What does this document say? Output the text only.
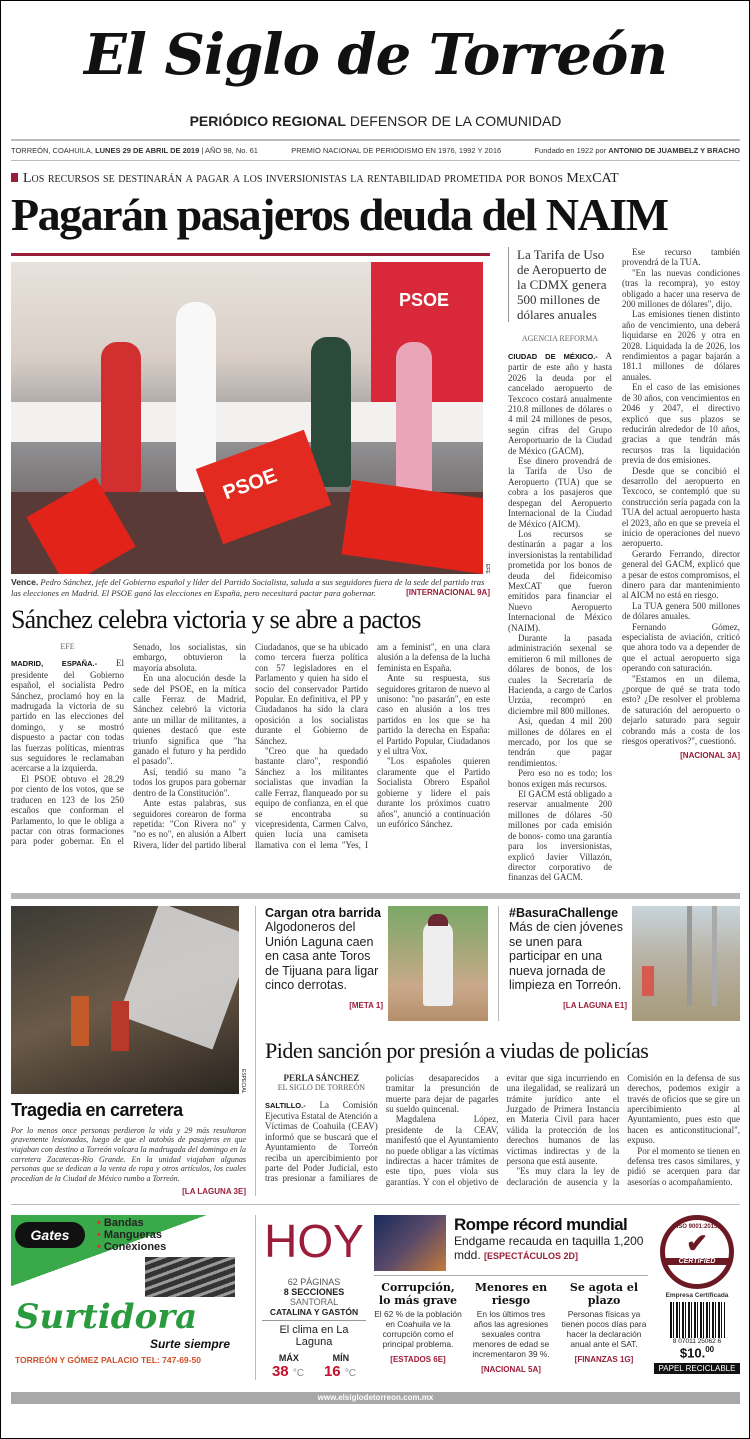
El Siglo de Torreón
PERIÓDICO REGIONAL DEFENSOR DE LA COMUNIDAD
TORREÓN, COAHUILA, LUNES 29 DE ABRIL DE 2019 | AÑO 98, No. 61	PREMIO NACIONAL DE PERIODISMO EN 1976, 1992 Y 2016	Fundado en 1922 por ANTONIO DE JUAMBELZ Y BRACHO
Los recursos se destinarán a pagar a los inversionistas la rentabilidad prometida por bonos MexCAT
Pagarán pasajeros deuda del NAIM
PSOE
PSOE
EFE
Vence. Pedro Sánchez, jefe del Gobierno español y líder del Partido Socialista, saluda a sus seguidores fuera de la sede del partido tras las elecciones en Madrid. El PSOE ganó las elecciones en España, pero necesitará pactar para gobernar.	[INTERNACIONAL 9A]
Sánchez celebra victoria y se abre a pactos
EFE

MADRID, ESPAÑA.- El presidente del Gobierno español, el socialista Pedro Sánchez, proclamó hoy en la madrugada la victoria de su partido en las elecciones del domingo, y se mostró dispuesto a pactar con todas las fuerzas políticas, mientras sus seguidores le reclamaban acercarse a la izquierda.

El PSOE obtuvo el 28.29 por ciento de los votos, que se traducen en 123 de los 250 escaños que conforman el Parlamento, lo que le obliga a pactar con otras formaciones para poder gobernar. En el Senado, los socialistas, sin embargo, obtuvieron la mayoría absoluta.

En una alocución desde la sede del PSOE, en la mítica calle Ferraz de Madrid, Sánchez celebró la victoria ante un millar de militantes, a quienes destacó que este triunfo significa que "ha ganado el futuro y ha perdido el pasado".

Así, tendió su mano "a todos los grupos para gobernar dentro de la Constitución".

Ante estas palabras, sus seguidores corearon de forma repetida: "Con Rivera no" y "no es no", en alusión a Albert Rivera, líder del partido liberal Ciudadanos, que se ha ubicado como tercera fuerza política con 57 legisladores en el Parlamento y quien ha sido el socio del conservador Partido Popular. En definitiva, el PP y Ciudadanos ha sido la clara oposición a los socialistas durante el Gobierno de Sánchez.

"Creo que ha quedado bastante claro", respondió Sánchez a los militantes socialistas que invadían la calle Ferraz, flanqueado por su equipo de confianza, en el que se encontraba su vicepresidenta, Carmen Calvo, quien lucía una camiseta llamativa con el lema "Yes, I am a feminist", en una clara alusión a la defensa de la lucha feminista en España.

Ante su respuesta, sus seguidores gritaron de nuevo al unísono: "no pasarán", en este caso en alusión a los tres partidos en los que se ha partido la derecha en España: el Partido Popular, Ciudadanos y el ultra Vox.

"Los españoles quieren claramente que el Partido Socialista Obrero Español gobierne y lidere el país durante los próximos cuatro años", anunció a continuación un eufórico Sánchez.

La Tarifa de Uso de Aeropuerto de la CDMX genera 500 millones de dólares anuales
AGENCIA REFORMA

CIUDAD DE MÉXICO.- A partir de este año y hasta 2026 la deuda por el cancelado aeropuerto de Texcoco costará anualmente 210.8 millones de dólares o 4 mil 24 millones de pesos, según cifras del Grupo Aeroportuario de la Ciudad de México (GACM).

Ese dinero provendrá de la Tarifa de Uso de Aeropuerto (TUA) que se cobra a los pasajeros que despegan del Aeropuerto Internacional de la Ciudad de México (AICM).

Los recursos se destinarán a pagar a los inversionistas la rentabilidad prometida por los bonos de deuda del fideicomiso MexCAT que fueron emitidos para financiar el Nuevo Aeropuerto Internacional de México (NAIM).

Durante la pasada administración sexenal se emitieron 6 mil millones de dólares de bonos, de los cuales la Secretaría de Hacienda, a cargo de Carlos Urzúa, recompró en diciembre mil 800 millones.

Así, quedan 4 mil 200 millones de dólares en el mercado, por los que se tendrán que pagar rendimientos.

Pero eso no es todo; los bonos exigen más recursos.

El GACM está obligado a reservar anualmente 200 millones de dólares -50 millones por cada emisión de bonos- como una garantía para los inversionistas, explicó Javier Villazón, director corporativo de finanzas del GACM.

Ese recurso también provendrá de la TUA.

"En las nuevas condiciones (tras la recompra), yo estoy obligado a hacer una reserva de 200 millones de dólares", dijo.

Las emisiones tienen distinto año de vencimiento, una deberá liquidarse en 2026 y otra en 2028. Liquidada la de 2026, los rendimientos a pagar bajarán a 181.1 millones de dólares anuales.

En el caso de las emisiones de 30 años, con vencimientos en 2046 y 2047, el directivo explicó que sus plazos se reducirán alrededor de 10 años, gracias a que tendrán más recursos tras la liquidación previa de dos emisiones.

Desde que se concibió el desarrollo del aeropuerto en Texcoco, se contempló que su construcción sería pagada con la TUA del actual aeropuerto hasta el 2023, año en que se preveía el inicio de operaciones del nuevo aeropuerto.

Gerardo Ferrando, director general del GACM, explicó que a pesar de estos compromisos, el dinero para dar mantenimiento al AICM no está en riesgo.

La TUA genera 500 millones de dólares anuales.

Fernando Gómez, especialista de aviación, criticó que ahora todo va a depender de que el actual aeropuerto siga operando con saturación.

"Estamos en un dilema, ¿porque de qué se trata todo esto? ¿De resolver el problema de saturación del aeropuerto o dejarlo saturado para seguir cobrando más a costa de los riesgos operativos?", cuestionó.

[NACIONAL 3A]
ESPECIAL
Tragedia en carretera
Por lo menos once personas perdieron la vida y 29 más resultaron gravemente lesionadas, luego de que el autobús de pasajeros en que viajaban con destino a Torreón volcara la madrugada del domingo en la carretera Zacatecas-Río Grande. En la unidad viajaban algunas personas que se dedican a la venta de ropa y otros artículos, los cuales procedían de la Ciudad de México rumbo a Torreón.
[LA LAGUNA 3E]
Cargan otra barrida
Algodoneros del Unión Laguna caen en casa ante Toros de Tijuana para ligar cinco derrotas.
[META 1]
#BasuraChallenge
Más de cien jóvenes se unen para participar en una nueva jornada de limpieza en Torreón.
[LA LAGUNA E1]
Piden sanción por presión a viudas de policías
PERLA SÁNCHEZ
EL SIGLO DE TORREÓN

SALTILLO.- La Comisión Ejecutiva Estatal de Atención a Víctimas de Coahuila (CEAV) informó que se buscará que el Ayuntamiento de Torreón reciba un apercibimiento por parte del Poder Judicial, esto tras presionar a familiares de policías desaparecidos a tramitar la presunción de muerte para dejar de pagarles su sueldo quincenal.

Magdalena López, presidente de la CEAV, manifestó que el Ayuntamiento no puede obligar a las víctimas indirectas a hacer trámites de este tipo, pues viola sus garantías. Y con el objetivo de evitar que siga incurriendo en una ilegalidad, se realizará un trámite jurídico ante el Juzgado de Primera Instancia en Materia Civil para hacer válida la protección de los derechos humanos de las víctimas indirectas y de la persona que está ausente.

"Es muy clara la ley de declaración de ausencia y la Comisión en la defensa de sus derechos, podemos exigir a través de oficios que se gire un apercibimiento al Ayuntamiento, pues esto que hacen es anticonstitucional", expuso.

Por el momento se tienen en defensa tres casos similares, y pidió se acerquen para dar asesorías o acompañamiento.

Gates
• Bandas
• Mangueras
• Conexiones
Surtidora
Surte siempre
TORREÓN Y GÓMEZ PALACIO TEL: 747-69-50
HOY
62 PÁGINAS
8 SECCIONES
SANTORAL
CATALINA Y GASTÓN
El clima en La Laguna
MÁX	MÍN
38 °C 16 °C
Rompe récord mundial
Endgame recauda en taquilla 1,200 mdd. [ESPECTÁCULOS 2D]
Corrupción, lo más grave
El 62 % de la población en Coahuila ve la corrupción como el principal problema.
[ESTADOS 6E]
Menores en riesgo
En los últimos tres años las agresiones sexuales contra menores de edad se incrementaron 39 %.
[NACIONAL 5A]
Se agota el plazo
Personas físicas ya tienen pocos días para hacer la declaración anual ante el SAT.
[FINANZAS 1G]
ISO 9001:2015
✔
CERTIFIED
Empresa Certificada
8 07011 25062 6
$10.00
PAPEL RECICLABLE
www.elsiglodetorreon.com.mx
